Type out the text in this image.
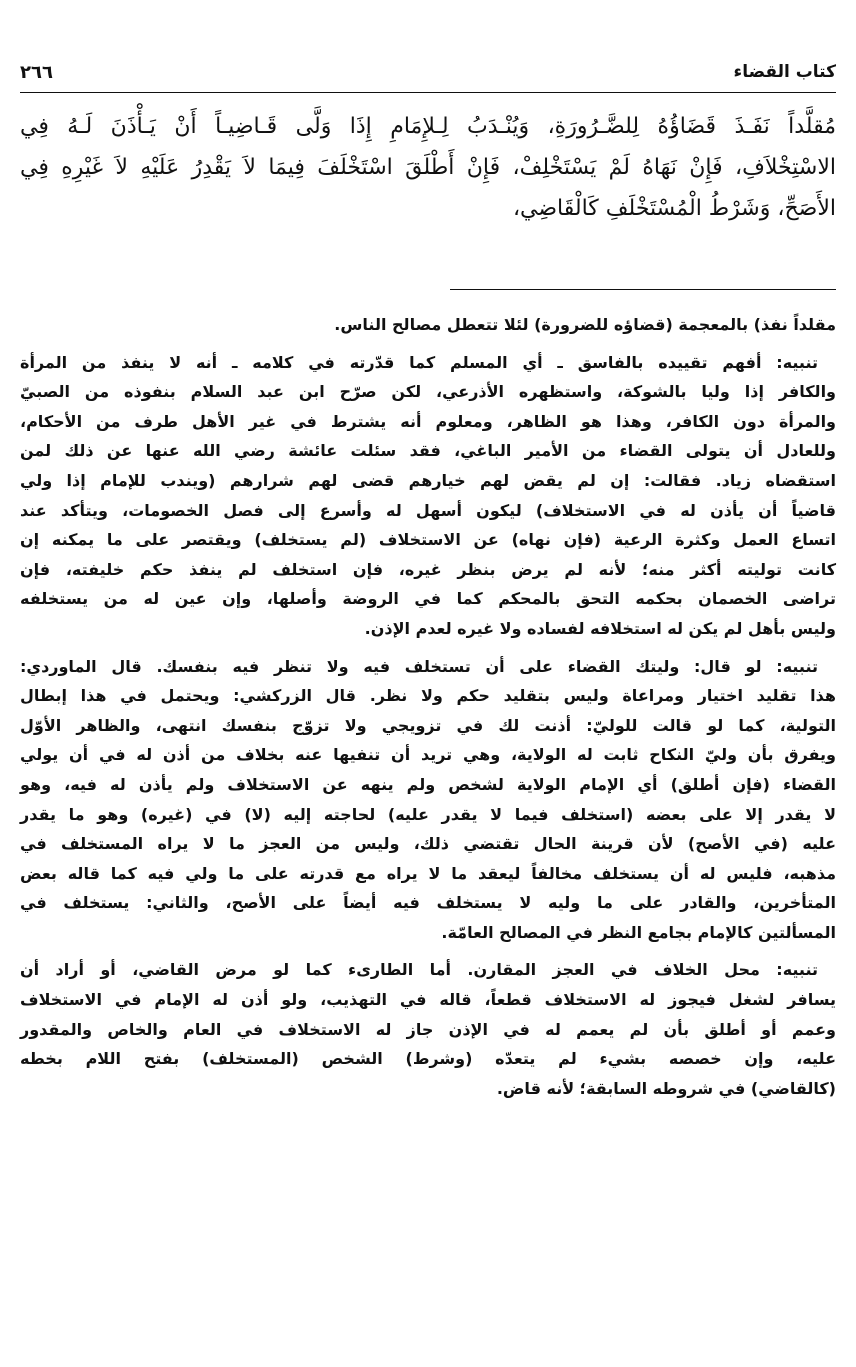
كتاب القضاء
٢٦٦
مُقلَّداً نَفَـذَ قَضَاؤُهُ لِلضَّـرُورَةِ، وَيُنْـدَبُ لِـلإِمَامِ إِذَا وَلَّى قَـاضِيـاً أَنْ يَـأْذَنَ لَـهُ فِي
الاسْتِخْلاَفِ، فَإِنْ نَهَاهُ لَمْ يَسْتَخْلِفْ، فَإِنْ أَطْلَقَ اسْتَخْلَفَ فِيمَا لاَ يَقْدِرُ عَلَيْهِ لاَ غَيْرِهِ فِي
الأَصَحِّ، وَشَرْطُ الْمُسْتَخْلَفِ كَالْقَاضِي،
مقلداً نفذ) بالمعجمة (قضاؤه للضرورة) لئلا تتعطل مصالح الناس.
تنبيه: أفهم تقييده بالفاسق ـ أي المسلم كما قدّرته في كلامه ـ أنه لا ينفذ من المرأة
والكافر إذا وليا بالشوكة، واستظهره الأذرعي، لكن صرّح ابن عبد السلام بنفوذه من الصبيّ
والمرأة دون الكافر، وهذا هو الظاهر، ومعلوم أنه يشترط في غير الأهل طرف من الأحكام،
وللعادل أن يتولى القضاء من الأمير الباغي، فقد سئلت عائشة رضي الله عنها عن ذلك لمن
استقضاه زياد. فقالت: إن لم يقض لهم خيارهم قضى لهم شرارهم (ويندب للإمام إذا ولي
قاضياً أن يأذن له في الاستخلاف) ليكون أسهل له وأسرع إلى فصل الخصومات، ويتأكد عند
اتساع العمل وكثرة الرعية (فإن نهاه) عن الاستخلاف (لم يستخلف) ويقتصر على ما يمكنه إن
كانت توليته أكثر منه؛ لأنه لم يرض بنظر غيره، فإن استخلف لم ينفذ حكم خليفته، فإن
تراضى الخصمان بحكمه التحق بالمحكم كما في الروضة وأصلها، وإن عين له من يستخلفه
وليس بأهل لم يكن له استخلافه لفساده ولا غيره لعدم الإذن.
تنبيه: لو قال: وليتك القضاء على أن تستخلف فيه ولا تنظر فيه بنفسك. قال الماوردي:
هذا تقليد اختيار ومراعاة وليس بتقليد حكم ولا نظر. قال الزركشي: ويحتمل في هذا إبطال
التولية، كما لو قالت للوليّ: أذنت لك في تزويجي ولا تزوّج بنفسك انتهى، والظاهر الأوّل
ويفرق بأن وليّ النكاح ثابت له الولاية، وهي تريد أن تنفيها عنه بخلاف من أذن له في أن يولي
القضاء (فإن أطلق) أي الإمام الولاية لشخص ولم ينهه عن الاستخلاف ولم يأذن له فيه، وهو
لا يقدر إلا على بعضه (استخلف فيما لا يقدر عليه) لحاجته إليه (لا) في (غيره) وهو ما يقدر
عليه (في الأصح) لأن قرينة الحال تقتضي ذلك، وليس من العجز ما لا يراه المستخلف في
مذهبه، فليس له أن يستخلف مخالفاً ليعقد ما لا يراه مع قدرته على ما ولي فيه كما قاله بعض
المتأخرين، والقادر على ما وليه لا يستخلف فيه أيضاً على الأصح، والثاني: يستخلف في
المسألتين كالإمام بجامع النظر في المصالح العامّة.
تنبيه: محل الخلاف في العجز المقارن. أما الطارىء كما لو مرض القاضي، أو أراد أن
يسافر لشغل فيجوز له الاستخلاف قطعاً، قاله في التهذيب، ولو أذن له الإمام في الاستخلاف
وعمم أو أطلق بأن لم يعمم له في الإذن جاز له الاستخلاف في العام والخاص والمقدور
عليه، وإن خصصه بشيء لم يتعدّه (وشرط) الشخص (المستخلف) بفتح اللام بخطه
(كالقاضي) في شروطه السابقة؛ لأنه قاض.
